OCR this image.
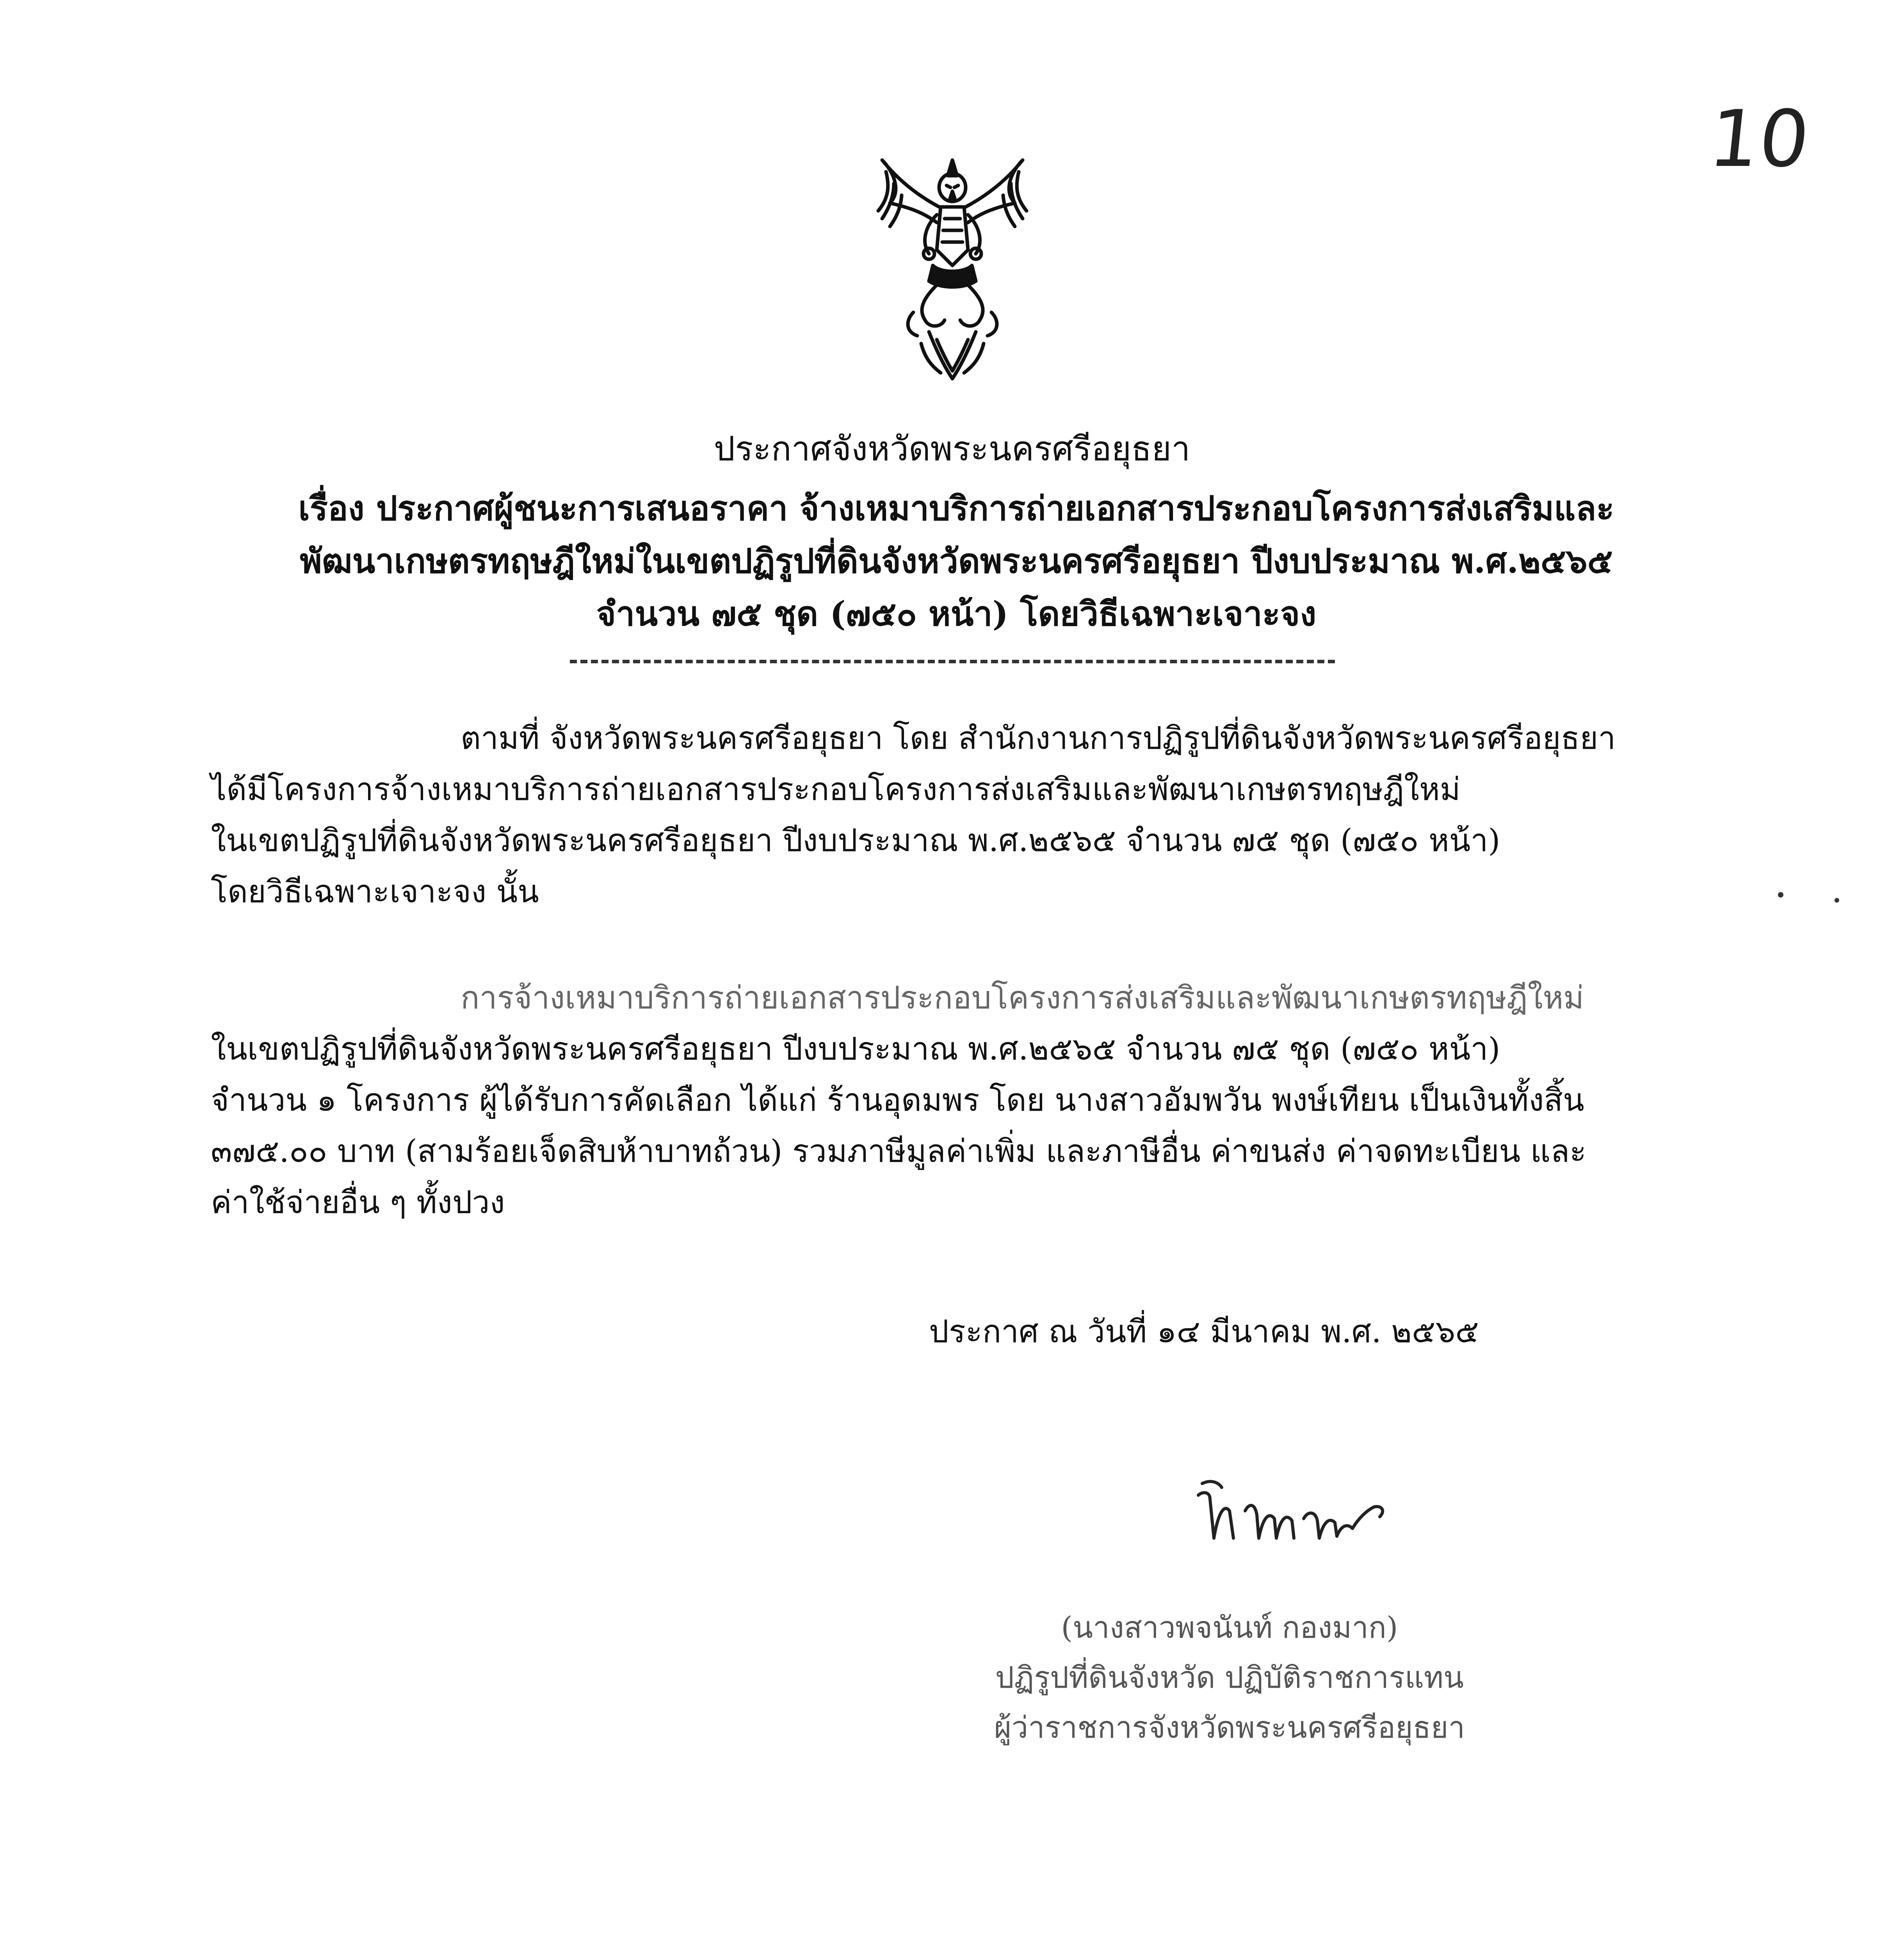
10
ประกาศจังหวัดพระนครศรีอยุธยา
เรื่อง ประกาศผู้ชนะการเสนอราคา จ้างเหมาบริการถ่ายเอกสารประกอบโครงการส่งเสริมและ
พัฒนาเกษตรทฤษฎีใหม่ในเขตปฏิรูปที่ดินจังหวัดพระนครศรีอยุธยา ปีงบประมาณ พ.ศ.๒๕๖๕
จำนวน ๗๕ ชุด (๗๕๐ หน้า) โดยวิธีเฉพาะเจาะจง
ตามที่ จังหวัดพระนครศรีอยุธยา โดย สำนักงานการปฏิรูปที่ดินจังหวัดพระนครศรีอยุธยา
ได้มีโครงการจ้างเหมาบริการถ่ายเอกสารประกอบโครงการส่งเสริมและพัฒนาเกษตรทฤษฎีใหม่
ในเขตปฏิรูปที่ดินจังหวัดพระนครศรีอยุธยา ปีงบประมาณ พ.ศ.๒๕๖๕ จำนวน ๗๕ ชุด (๗๕๐ หน้า)
โดยวิธีเฉพาะเจาะจง นั้น
การจ้างเหมาบริการถ่ายเอกสารประกอบโครงการส่งเสริมและพัฒนาเกษตรทฤษฎีใหม่
ในเขตปฏิรูปที่ดินจังหวัดพระนครศรีอยุธยา ปีงบประมาณ พ.ศ.๒๕๖๕ จำนวน ๗๕ ชุด (๗๕๐ หน้า)
จำนวน ๑ โครงการ ผู้ได้รับการคัดเลือก ได้แก่ ร้านอุดมพร โดย นางสาวอัมพวัน พงษ์เทียน เป็นเงินทั้งสิ้น
๓๗๕.๐๐ บาท (สามร้อยเจ็ดสิบห้าบาทถ้วน) รวมภาษีมูลค่าเพิ่ม และภาษีอื่น ค่าขนส่ง ค่าจดทะเบียน และ
ค่าใช้จ่ายอื่น ๆ ทั้งปวง
ประกาศ ณ วันที่ ๑๔ มีนาคม พ.ศ. ๒๕๖๕
(นางสาวพจนันท์ กองมาก)
ปฏิรูปที่ดินจังหวัด ปฏิบัติราชการแทน
ผู้ว่าราชการจังหวัดพระนครศรีอยุธยา
